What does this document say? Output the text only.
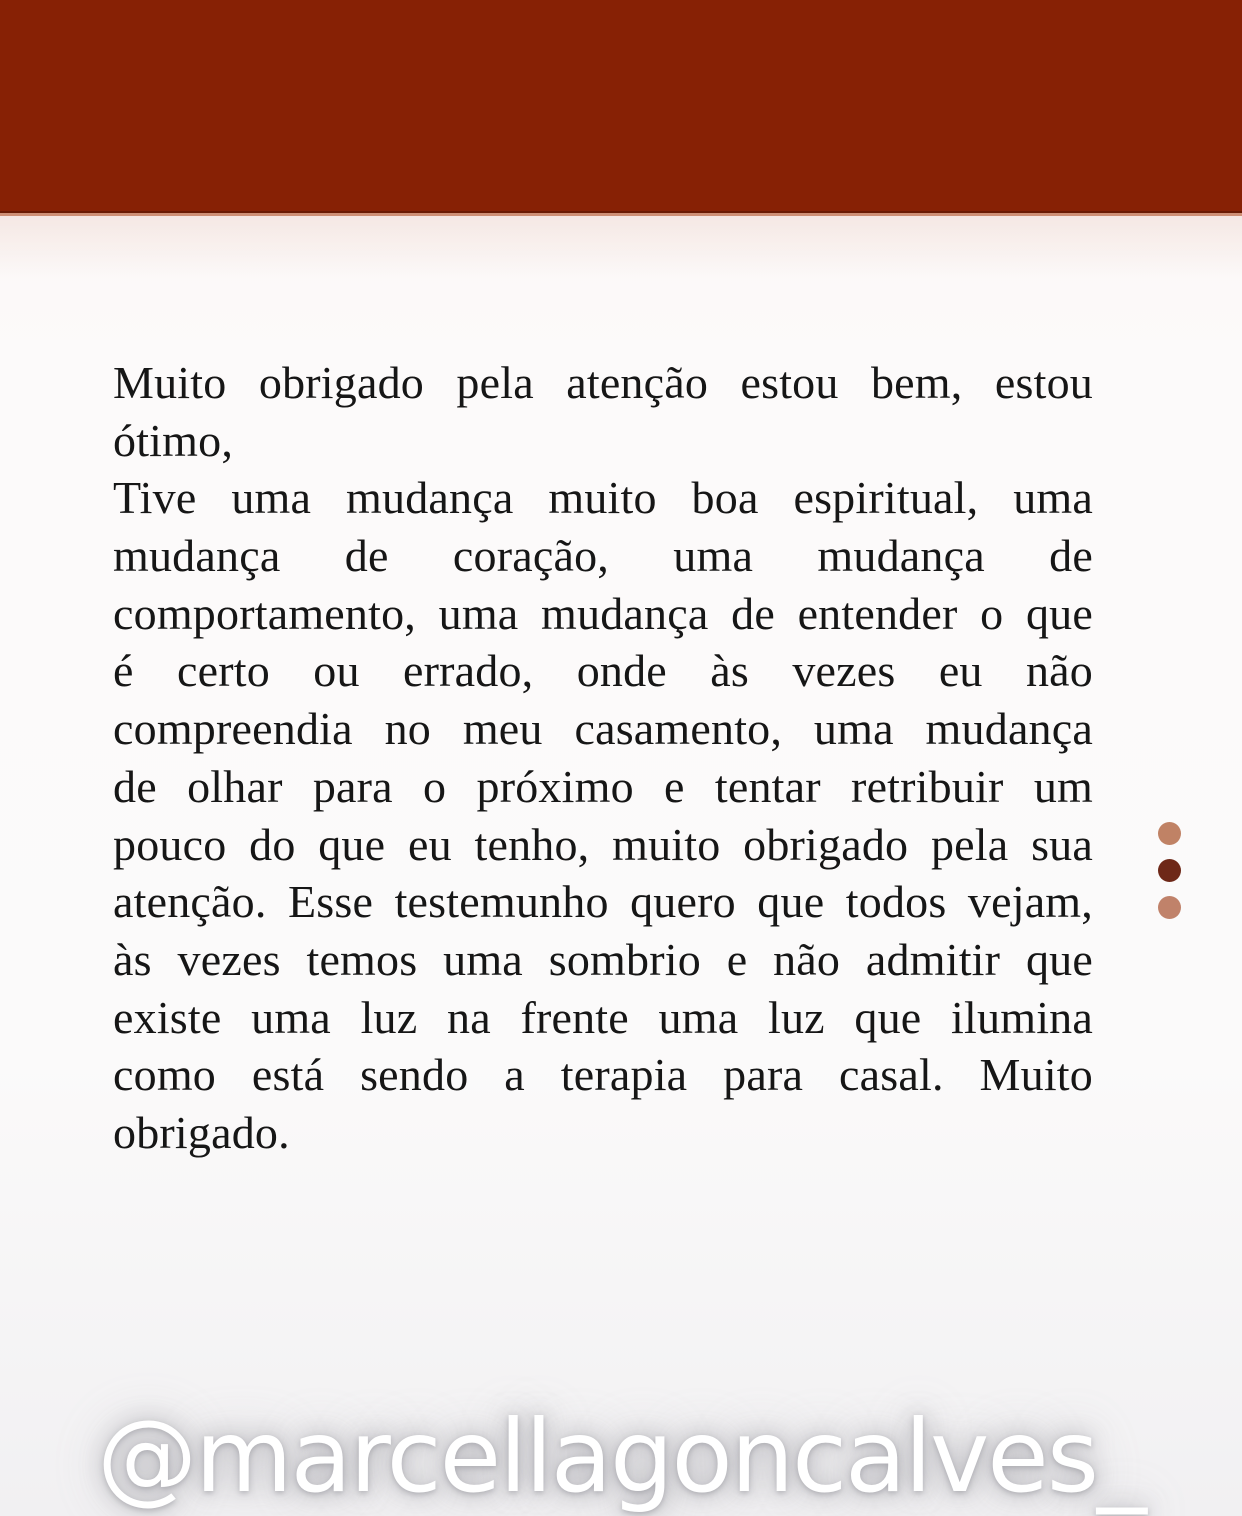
Muito obrigado pela atenção estou bem, estou
ótimo,
Tive uma mudança muito boa espiritual, uma
mudança de coração, uma mudança de
comportamento, uma mudança de entender o que
é certo ou errado, onde às vezes eu não
compreendia no meu casamento, uma mudança
de olhar para o próximo e tentar retribuir um
pouco do que eu tenho, muito obrigado pela sua
atenção. Esse testemunho quero que todos vejam,
às vezes temos uma sombrio e não admitir que
existe uma luz na frente uma luz que ilumina
como está sendo a terapia para casal. Muito
obrigado.
@marcellagoncalves_
